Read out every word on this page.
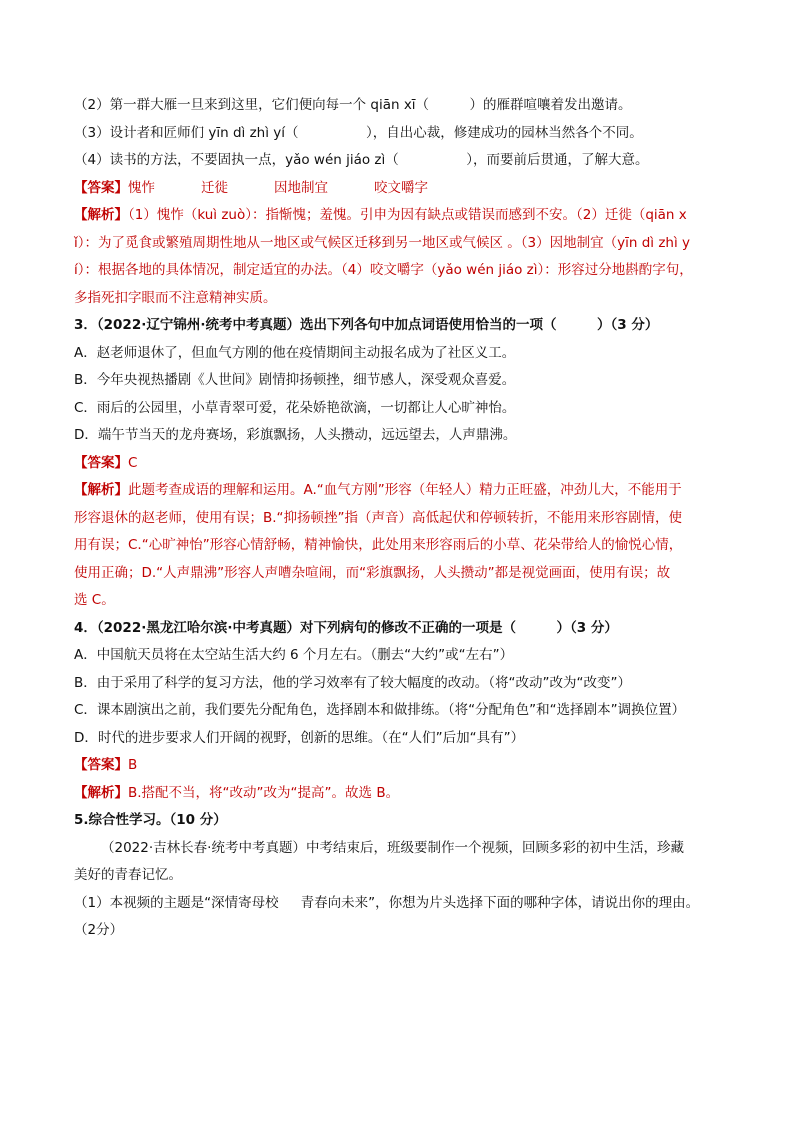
（2）第一群大雁一旦来到这里，它们便向每一个 qiān xī（　　　）的雁群喧嚷着发出邀请。
（3）设计者和匠师们 yīn dì zhì yí（　　　　　），自出心裁，修建成功的园林当然各个不同。
（4）读书的方法，不要固执一点，yǎo wén jiáo zì（　　　　　），而要前后贯通，了解大意。
【答案】愧怍	迁徙	因地制宜	咬文嚼字
【解析】（1）愧怍（kuì zuò）：指惭愧；羞愧。引申为因有缺点或错误而感到不安。（2）迁徙（qiān x
ǐ）：为了觅食或繁殖周期性地从一地区或气候区迁移到另一地区或气候区 。（3）因地制宜（yīn dì zhì y
í）：根据各地的具体情况，制定适宜的办法。（4）咬文嚼字（yǎo wén jiáo zì）：形容过分地斟酌字句，
多指死扣字眼而不注意精神实质。
3．（2022·辽宁锦州·统考中考真题）选出下列各句中加点词语使用恰当的一项（　　　）（3 分）
A．赵老师退休了，但血气方刚的他在疫情期间主动报名成为了社区义工。
B．今年央视热播剧《人世间》剧情抑扬顿挫，细节感人，深受观众喜爱。
C．雨后的公园里，小草青翠可爱，花朵娇艳欲滴，一切都让人心旷神怡。
D．端午节当天的龙舟赛场，彩旗飘扬，人头攒动，远远望去，人声鼎沸。
【答案】C
【解析】此题考查成语的理解和运用。A.“血气方刚”形容（年轻人）精力正旺盛，冲劲儿大，不能用于
形容退休的赵老师，使用有误；B.“抑扬顿挫”指（声音）高低起伏和停顿转折，不能用来形容剧情，使
用有误；C.“心旷神怡”形容心情舒畅，精神愉快，此处用来形容雨后的小草、花朵带给人的愉悦心情，
使用正确；D.“人声鼎沸”形容人声嘈杂喧闹，而“彩旗飘扬，人头攒动”都是视觉画面，使用有误；故
选 C。
4．（2022·黑龙江哈尔滨·中考真题）对下列病句的修改不正确的一项是（　　　）（3 分）
A．中国航天员将在太空站生活大约 6 个月左右。（删去“大约”或“左右”）
B．由于采用了科学的复习方法，他的学习效率有了较大幅度的改动。（将“改动”改为“改变”）
C．课本剧演出之前，我们要先分配角色，选择剧本和做排练。（将“分配角色”和“选择剧本”调换位置）
D．时代的进步要求人们开阔的视野，创新的思维。（在“人们”后加“具有”）
【答案】B
【解析】B.搭配不当，将“改动”改为“提高”。故选 B。
5.综合性学习。（10 分）
（2022·吉林长春·统考中考真题）中考结束后，班级要制作一个视频，回顾多彩的初中生活，珍藏
美好的青春记忆。
（1）本视频的主题是“深情寄母校 青春向未来”，你想为片头选择下面的哪种字体，请说出你的理由。
（2分）
